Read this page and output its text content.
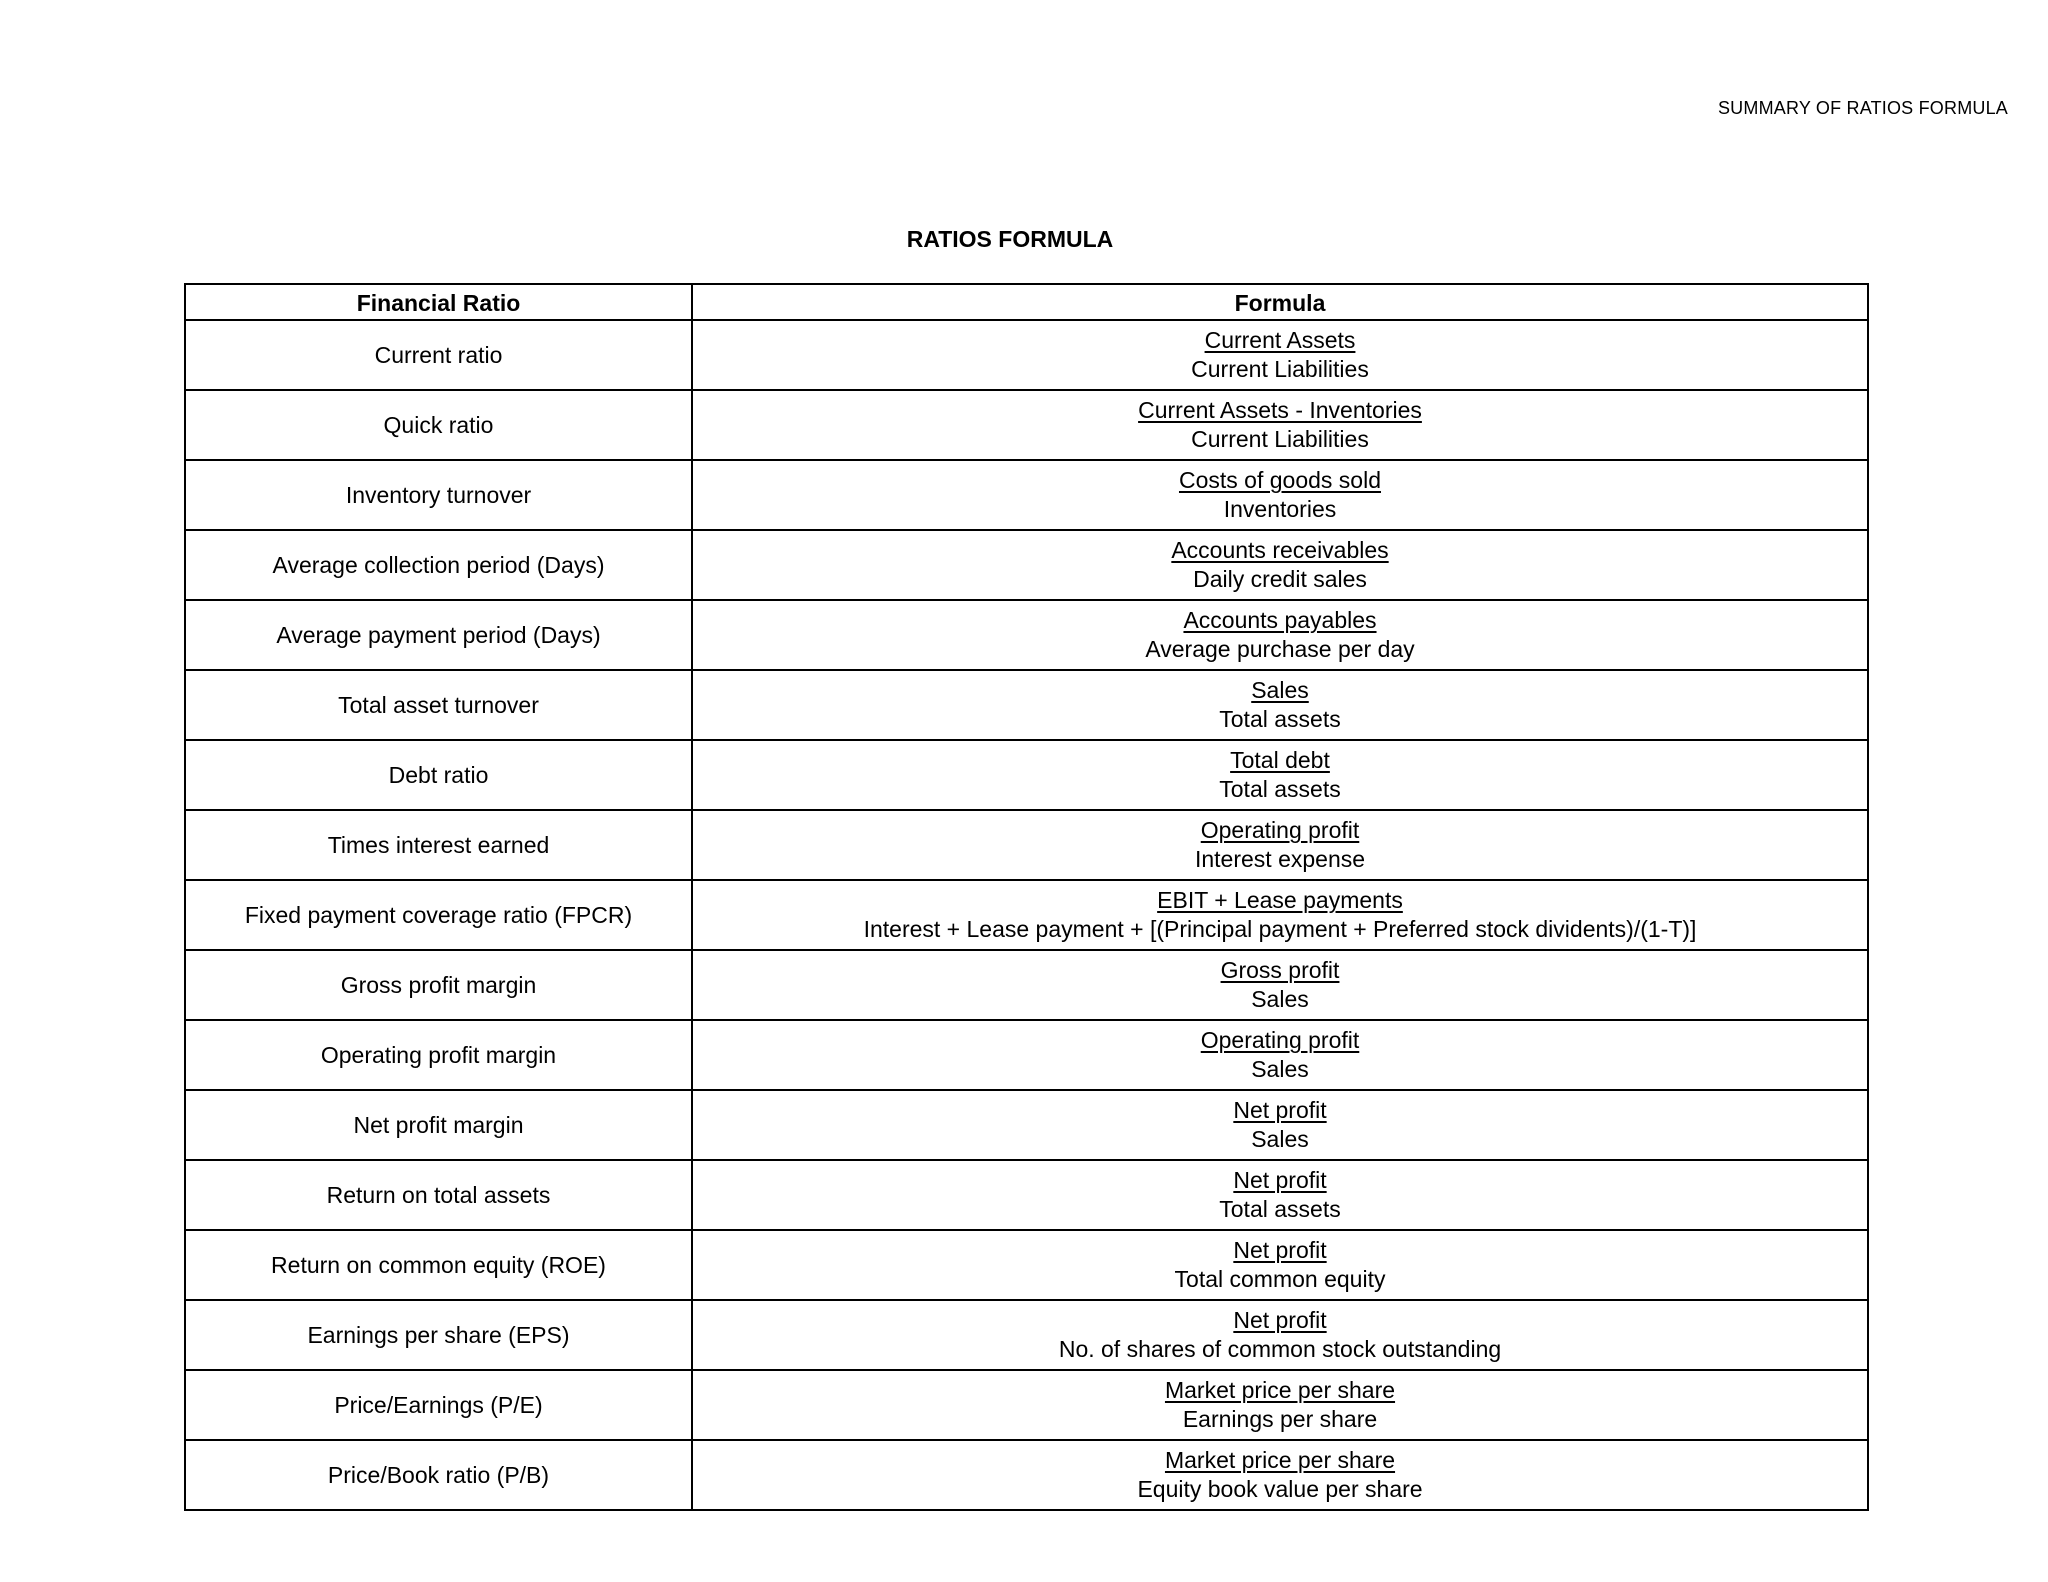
SUMMARY OF RATIOS FORMULA
RATIOS FORMULA
Financial Ratio	Formula
Current ratio	Current Assets
Current Liabilities

Quick ratio	Current Assets - Inventories
Current Liabilities

Inventory turnover	Costs of goods sold
Inventories

Average collection period (Days)	Accounts receivables
Daily credit sales

Average payment period (Days)	Accounts payables
Average purchase per day

Total asset turnover	Sales
Total assets

Debt ratio	Total debt
Total assets

Times interest earned	Operating profit
Interest expense

Fixed payment coverage ratio (FPCR)	EBIT + Lease payments
Interest + Lease payment + [(Principal payment + Preferred stock dividents)/(1-T)]

Gross profit margin	Gross profit
Sales

Operating profit margin	Operating profit
Sales

Net profit margin	Net profit
Sales

Return on total assets	Net profit
Total assets

Return on common equity (ROE)	Net profit
Total common equity

Earnings per share (EPS)	Net profit
No. of shares of common stock outstanding

Price/Earnings (P/E)	Market price per share
Earnings per share

Price/Book ratio (P/B)	Market price per share
Equity book value per share
